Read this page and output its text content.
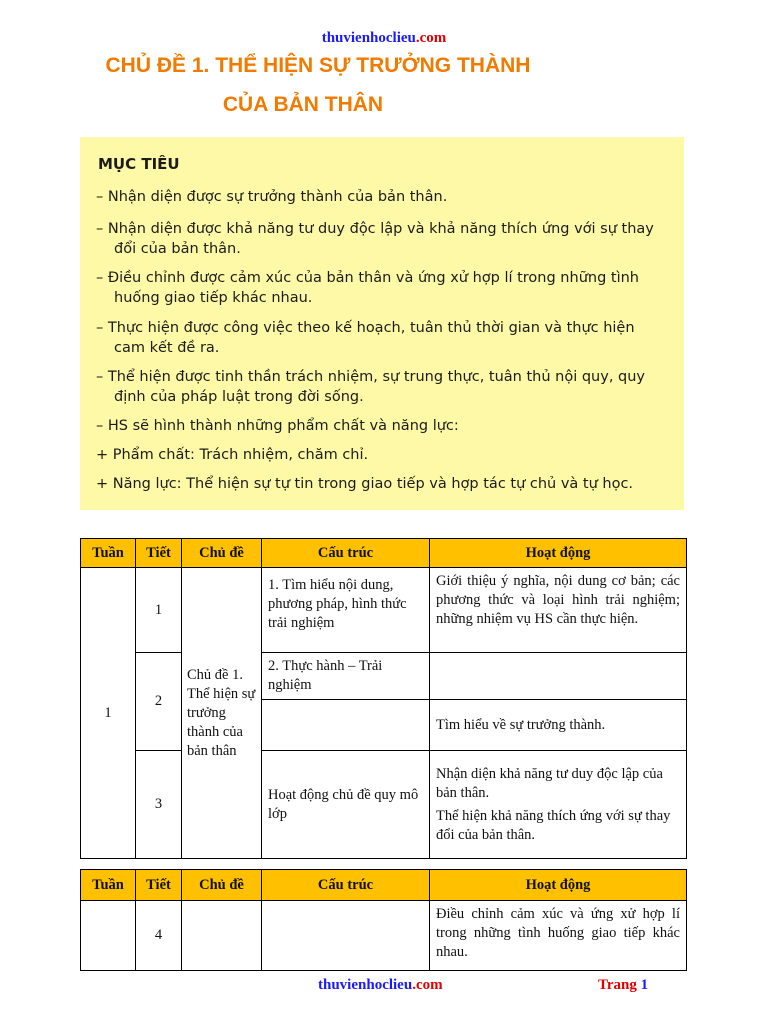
thuvienhoclieu.com
CHỦ ĐỀ 1. THỂ HIỆN SỰ TRƯỞNG THÀNH
CỦA BẢN THÂN
MỤC TIÊU
– Nhận diện được sự trưởng thành của bản thân.
– Nhận diện được khả năng tư duy độc lập và khả năng thích ứng với sự thay
đổi của bản thân.
– Điều chỉnh được cảm xúc của bản thân và ứng xử hợp lí trong những tình
huống giao tiếp khác nhau.
– Thực hiện được công việc theo kế hoạch, tuân thủ thời gian và thực hiện
cam kết đề ra.
– Thể hiện được tinh thần trách nhiệm, sự trung thực, tuân thủ nội quy, quy
định của pháp luật trong đời sống.
– HS sẽ hình thành những phẩm chất và năng lực:
+ Phẩm chất: Trách nhiệm, chăm chỉ.
+ Năng lực: Thể hiện sự tự tin trong giao tiếp và hợp tác tự chủ và tự học.
Tuần	Tiết	Chủ đề	Cấu trúc	Hoạt động
1	1	Chủ đề 1. Thể hiện sự trưởng thành của bản thân	1. Tìm hiểu nội dung, phương pháp, hình thức trải nghiệm	Giới thiệu ý nghĩa, nội dung cơ bản; các phương thức và loại hình trải nghiệm; những nhiệm vụ HS cần thực hiện.
	2		2. Thực hành – Trải nghiệm	
				Tìm hiểu về sự trưởng thành.
	3		Hoạt động chủ đề quy mô lớp	Nhận diện khả năng tư duy độc lập của bản thân.

Thể hiện khả năng thích ứng với sự thay đổi của bản thân.

Tuần	Tiết	Chủ đề	Cấu trúc	Hoạt động
	4			Điều chỉnh cảm xúc và ứng xử hợp lí trong những tình huống giao tiếp khác nhau.
thuvienhoclieu.com	Trang 1
